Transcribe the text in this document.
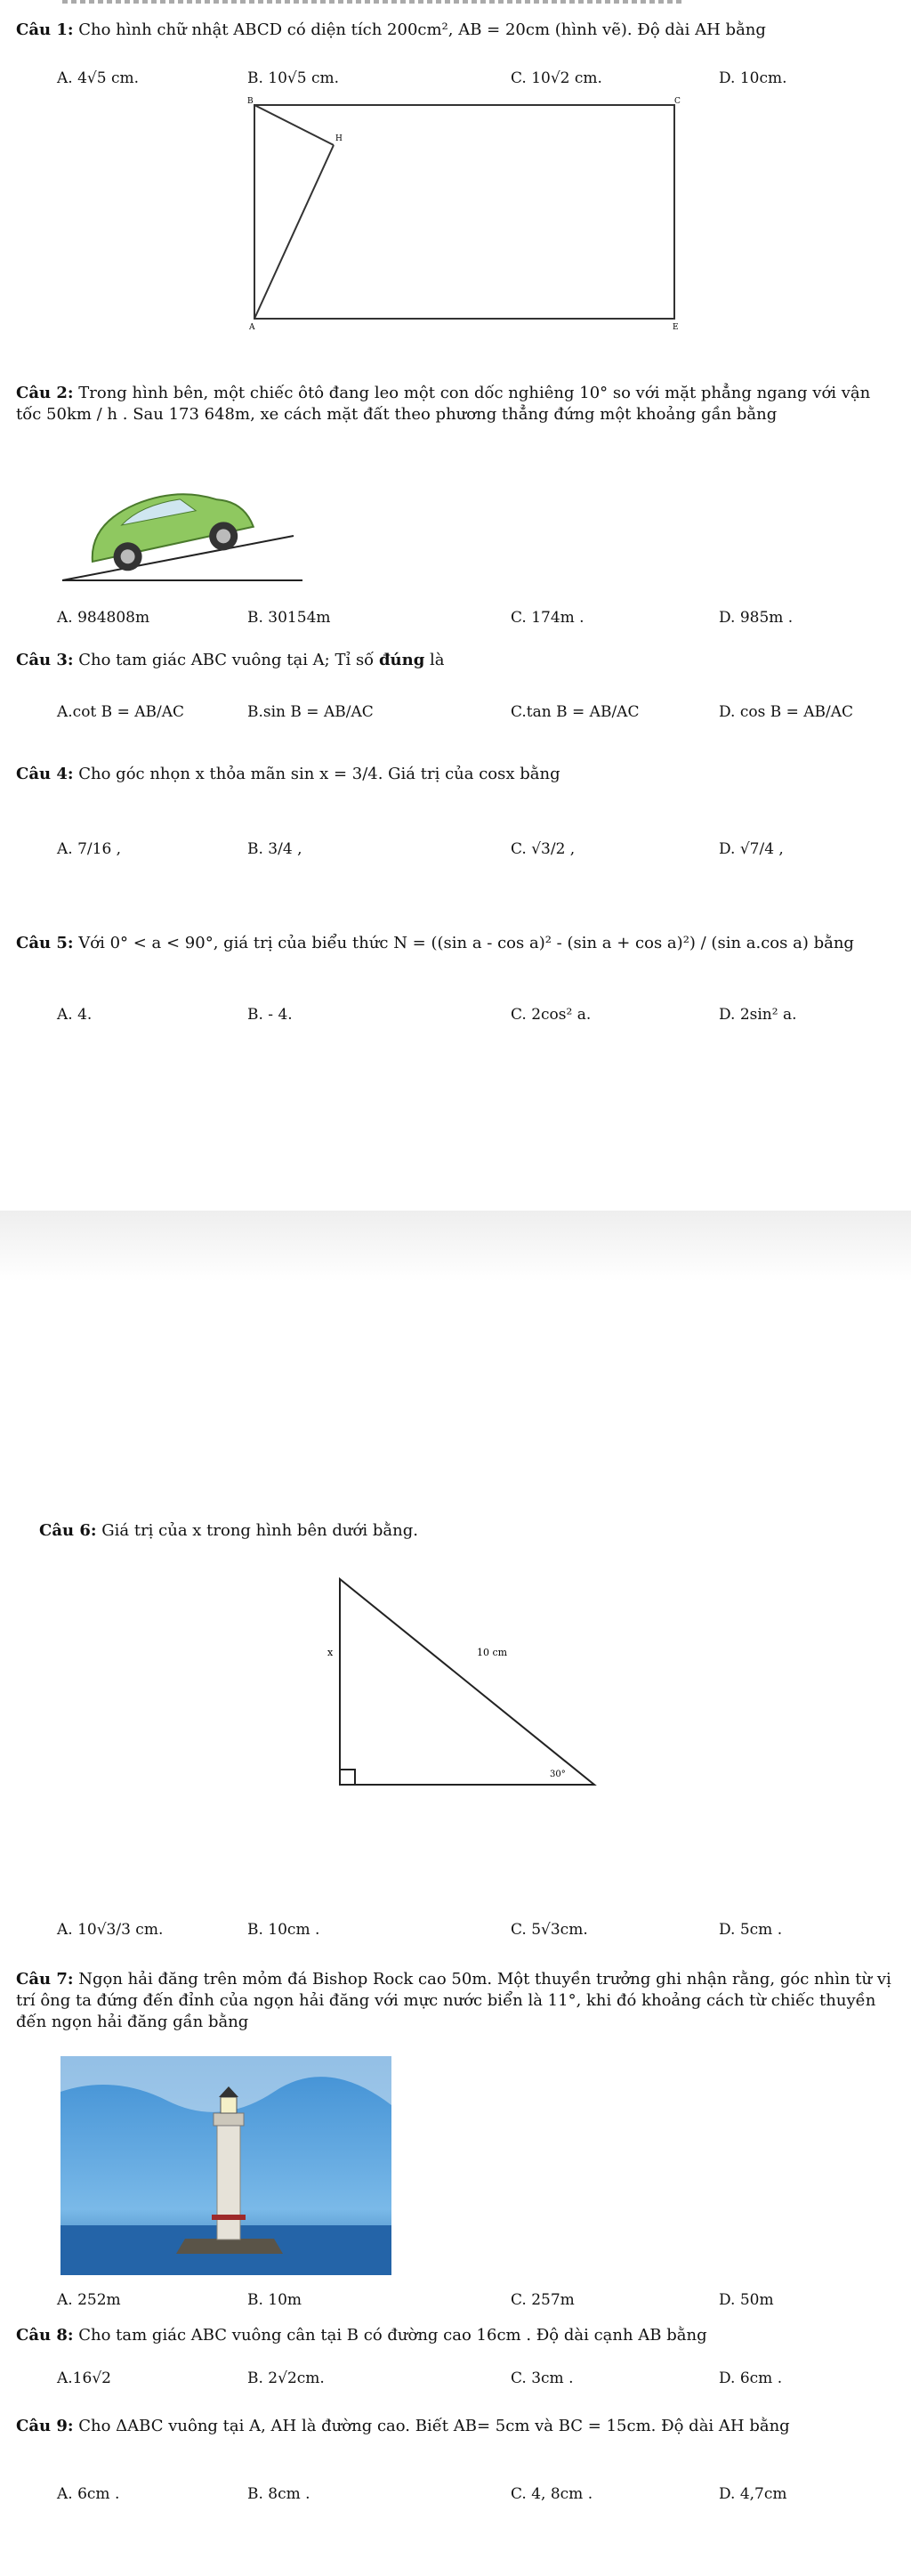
Câu 1: Cho hình chữ nhật ABCD có diện tích 200cm², AB = 20cm (hình vẽ). Độ dài AH bằng
A. 4√5 cm.	B. 10√5 cm.	C. 10√2 cm.	D. 10cm.
B	C
A	E
H
Câu 2: Trong hình bên, một chiếc ôtô đang leo một con dốc nghiêng 10° so với mặt phẳng ngang với vận tốc 50km / h . Sau 173 648m, xe cách mặt đất theo phương thẳng đứng một khoảng gần bằng
A. 984808m	B. 30154m	C. 174m .	D. 985m .
Câu 3: Cho tam giác ABC vuông tại A; Tỉ số đúng là
A.cot B = AB/AC	B.sin B = AB/AC	C.tan B = AB/AC	D. cos B = AB/AC
Câu 4: Cho góc nhọn x thỏa mãn sin x = 3/4. Giá trị của cosx bằng
A. 7/16 ,	B. 3/4 ,	C. √3/2 ,	D. √7/4 ,
Câu 5: Với 0° < a < 90°, giá trị của biểu thức N = ((sin a - cos a)² - (sin a + cos a)²) / (sin a.cos a) bằng
A. 4.	B. - 4.	C. 2cos² a.	D. 2sin² a.
Câu 6: Giá trị của x trong hình bên dưới bằng.
10 cm
x
30°
A. 10√3/3 cm.	B. 10cm .	C. 5√3cm.	D. 5cm .
Câu 7: Ngọn hải đăng trên mỏm đá Bishop Rock cao 50m. Một thuyền trưởng ghi nhận rằng, góc nhìn từ vị trí ông ta đứng đến đỉnh của ngọn hải đăng với mực nước biển là 11°, khi đó khoảng cách từ chiếc thuyền đến ngọn hải đăng gần bằng
A. 252m	B. 10m	C. 257m	D. 50m
Câu 8: Cho tam giác ABC vuông cân tại B có đường cao 16cm . Độ dài cạnh AB bằng
A.16√2	B. 2√2cm.	C. 3cm .	D. 6cm .
Câu 9: Cho ΔABC vuông tại A, AH là đường cao. Biết AB= 5cm và BC = 15cm. Độ dài AH bằng
A. 6cm .	B. 8cm .	C. 4, 8cm .	D. 4,7cm
